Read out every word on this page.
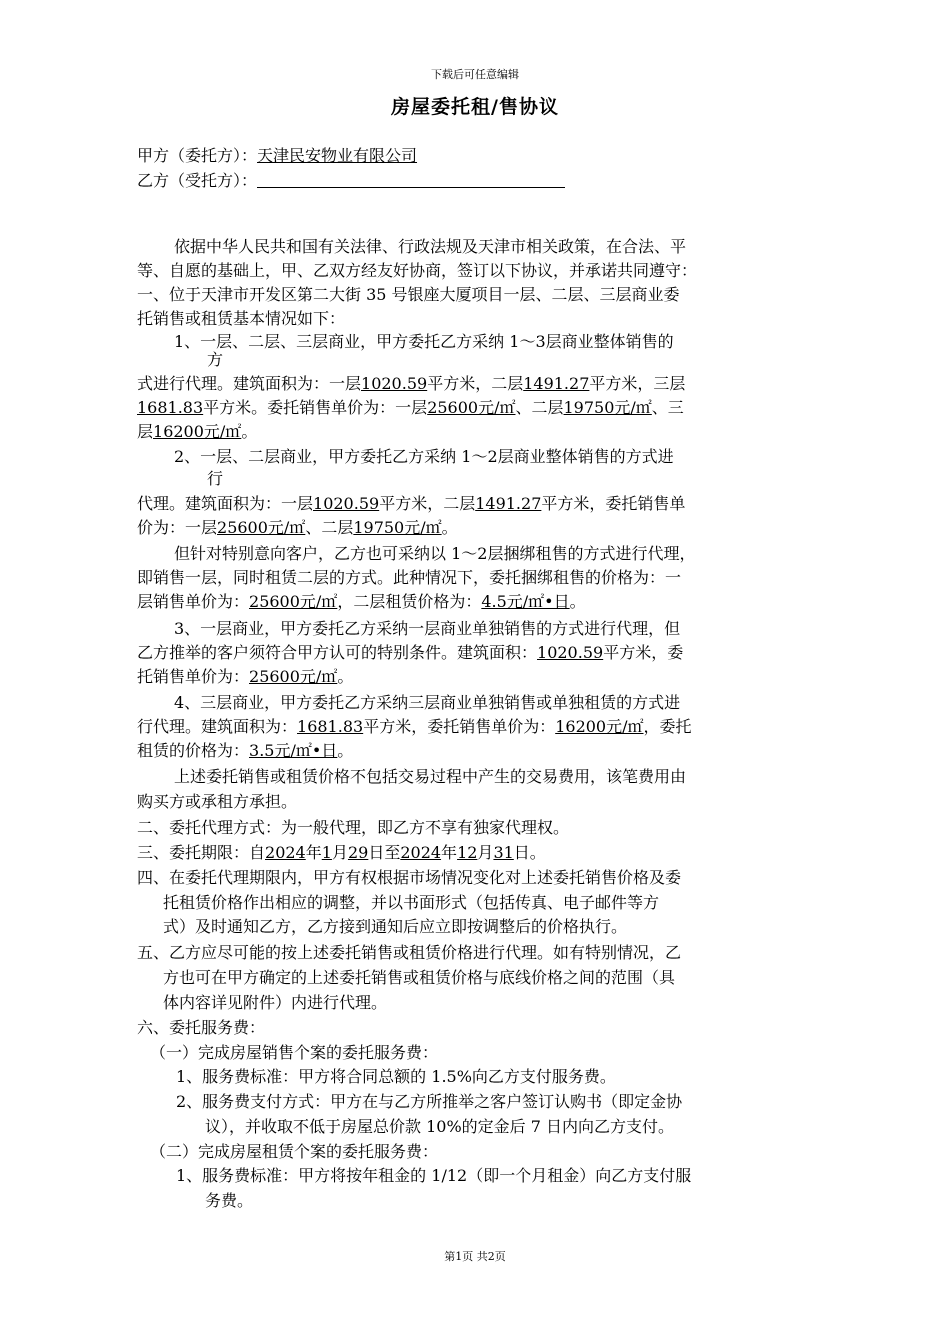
下载后可任意编辑
房屋委托租/售协议
甲方（委托方）：天津民安物业有限公司
乙方（受托方）：
依据中华人民共和国有关法律、行政法规及天津市相关政策，在合法、平
等、自愿的基础上，甲、乙双方经友好协商，签订以下协议，并承诺共同遵守：
一、位于天津市开发区第二大街 35 号银座大厦项目一层、二层、三层商业委
托销售或租赁基本情况如下：
1、一层、二层、三层商业，甲方委托乙方采纳 1～3层商业整体销售的
方
式进行代理。建筑面积为：一层1020.59平方米，二层1491.27平方米，三层
1681.83平方米。委托销售单价为：一层25600元/㎡、二层19750元/㎡、三
层16200元/㎡。
2、一层、二层商业，甲方委托乙方采纳 1～2层商业整体销售的方式进
行
代理。建筑面积为：一层1020.59平方米，二层1491.27平方米，委托销售单
价为：一层25600元/㎡、二层19750元/㎡。
但针对特别意向客户，乙方也可采纳以 1～2层捆绑租售的方式进行代理，
即销售一层，同时租赁二层的方式。此种情况下，委托捆绑租售的价格为：一
层销售单价为：25600元/㎡，二层租赁价格为：4.5元/㎡•日。
3、一层商业，甲方委托乙方采纳一层商业单独销售的方式进行代理，但
乙方推举的客户须符合甲方认可的特别条件。建筑面积：1020.59平方米，委
托销售单价为：25600元/㎡。
4、三层商业，甲方委托乙方采纳三层商业单独销售或单独租赁的方式进
行代理。建筑面积为：1681.83平方米，委托销售单价为：16200元/㎡，委托
租赁的价格为：3.5元/㎡•日。
上述委托销售或租赁价格不包括交易过程中产生的交易费用，该笔费用由
购买方或承租方承担。
二、委托代理方式：为一般代理，即乙方不享有独家代理权。
三、委托期限：自2024年1月29日至2024年12月31日。
四、在委托代理期限内，甲方有权根据市场情况变化对上述委托销售价格及委
托租赁价格作出相应的调整，并以书面形式（包括传真、电子邮件等方
式）及时通知乙方，乙方接到通知后应立即按调整后的价格执行。
五、乙方应尽可能的按上述委托销售或租赁价格进行代理。如有特别情况，乙
方也可在甲方确定的上述委托销售或租赁价格与底线价格之间的范围（具
体内容详见附件）内进行代理。
六、委托服务费：
（一）完成房屋销售个案的委托服务费：
1、服务费标准：甲方将合同总额的 1.5%向乙方支付服务费。
2、服务费支付方式：甲方在与乙方所推举之客户签订认购书（即定金协
议），并收取不低于房屋总价款 10%的定金后 7 日内向乙方支付。
（二）完成房屋租赁个案的委托服务费：
1、服务费标准：甲方将按年租金的 1/12（即一个月租金）向乙方支付服
务费。
第1页 共2页
